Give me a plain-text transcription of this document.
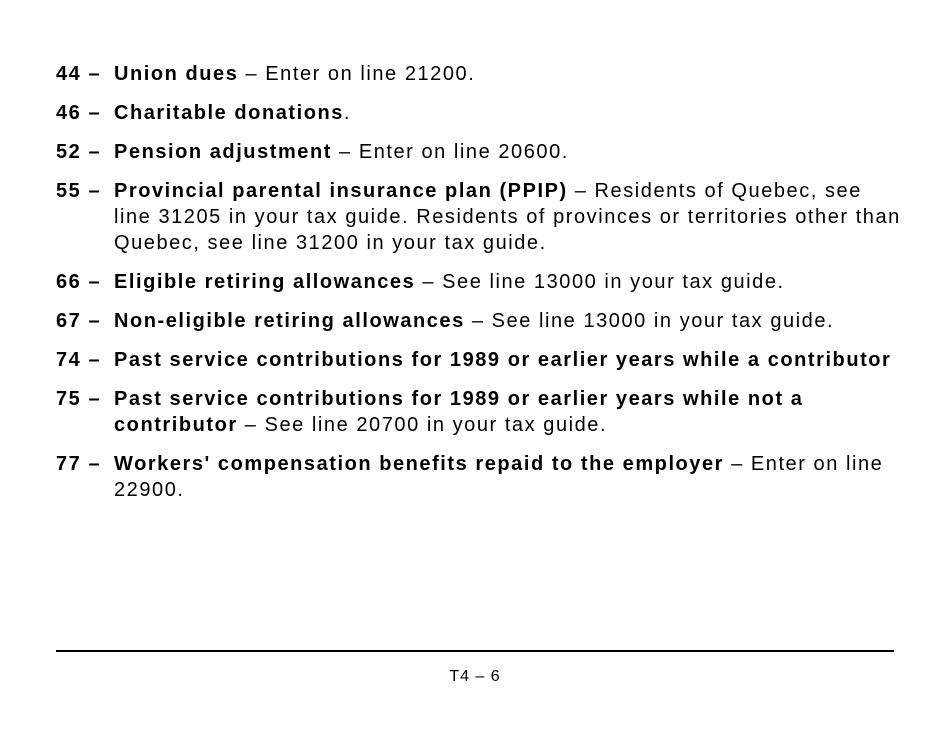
44 – Union dues – Enter on line 21200.
46 – Charitable donations.
52 – Pension adjustment – Enter on line 20600.
55 – Provincial parental insurance plan (PPIP) – Residents of Quebec, see line 31205 in your tax guide. Residents of provinces or territories other than Quebec, see line 31200 in your tax guide.
66 – Eligible retiring allowances – See line 13000 in your tax guide.
67 – Non-eligible retiring allowances – See line 13000 in your tax guide.
74 – Past service contributions for 1989 or earlier years while a contributor
75 – Past service contributions for 1989 or earlier years while not a contributor – See line 20700 in your tax guide.
77 – Workers' compensation benefits repaid to the employer – Enter on line 22900.
T4 – 6
